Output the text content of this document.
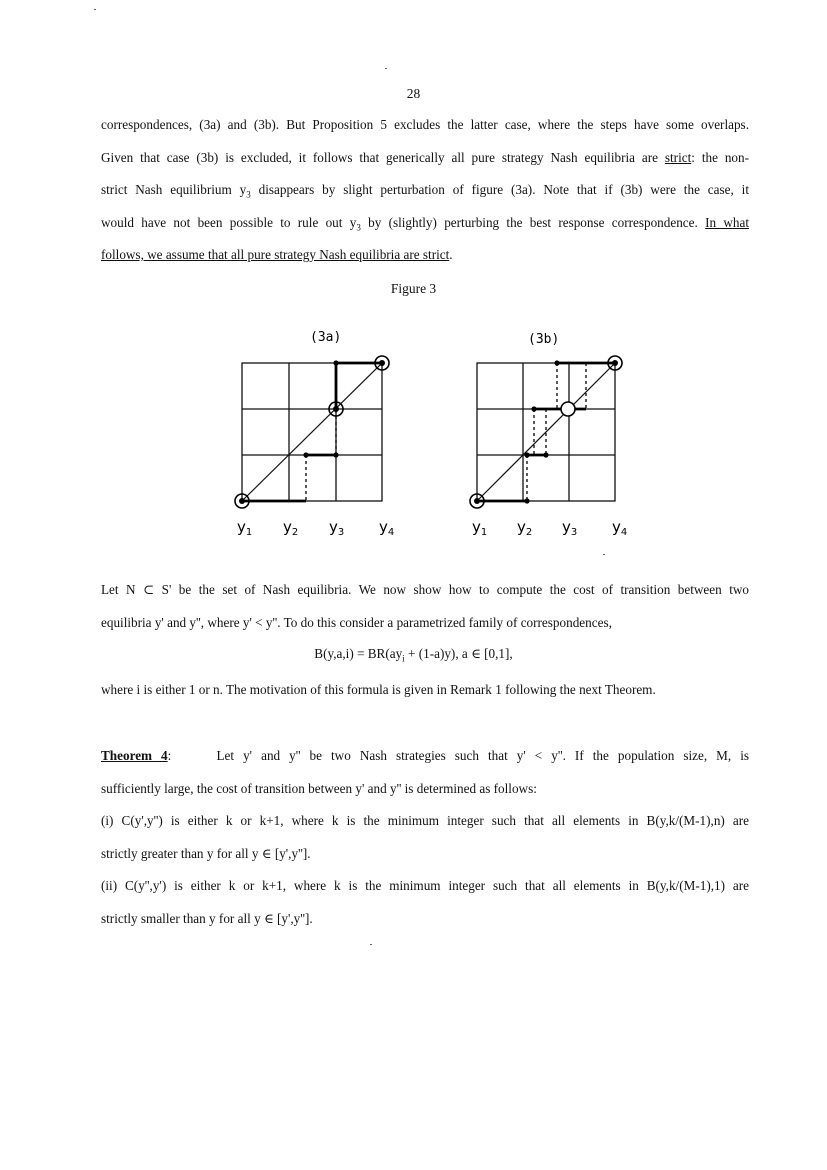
28
correspondences, (3a) and (3b). But Proposition 5 excludes the latter case, where the steps have some overlaps.
Given that case (3b) is excluded, it follows that generically all pure strategy Nash equilibria are strict: the non-
strict Nash equilibrium $y_3$ disappears by slight perturbation of figure (3a). Note that if (3b) were the case, it
would have not been possible to rule out $y_3$ by (slightly) perturbing the best response correspondence. In what
follows, we assume that all pure strategy Nash equilibria are strict.
Figure 3
(3a)
$y_1$ $y_2$ $y_3$ $y_4$
(3b)
$y_1$ $y_2$ $y_3$ $y_4$
Let N ⊂ S' be the set of Nash equilibria. We now show how to compute the cost of transition between two
equilibria y' and y'', where y' < y''. To do this consider a parametrized family of correspondences,
$B(y,a,i) = BR(ay_i + (1-a)y)$, a ∈ [0,1],
where i is either 1 or n. The motivation of this formula is given in Remark 1 following the next Theorem.
Theorem 4:	Let y' and y'' be two Nash strategies such that y' < y''. If the population size, M, is
sufficiently large, the cost of transition between y' and y'' is determined as follows:
(i) C(y',y'') is either k or k+1, where k is the minimum integer such that all elements in B(y,k/(M-1),n) are
strictly greater than y for all y ∈ [y',y''].
(ii) C(y'',y') is either k or k+1, where k is the minimum integer such that all elements in B(y,k/(M-1),1) are
strictly smaller than y for all y ∈ [y',y''].
